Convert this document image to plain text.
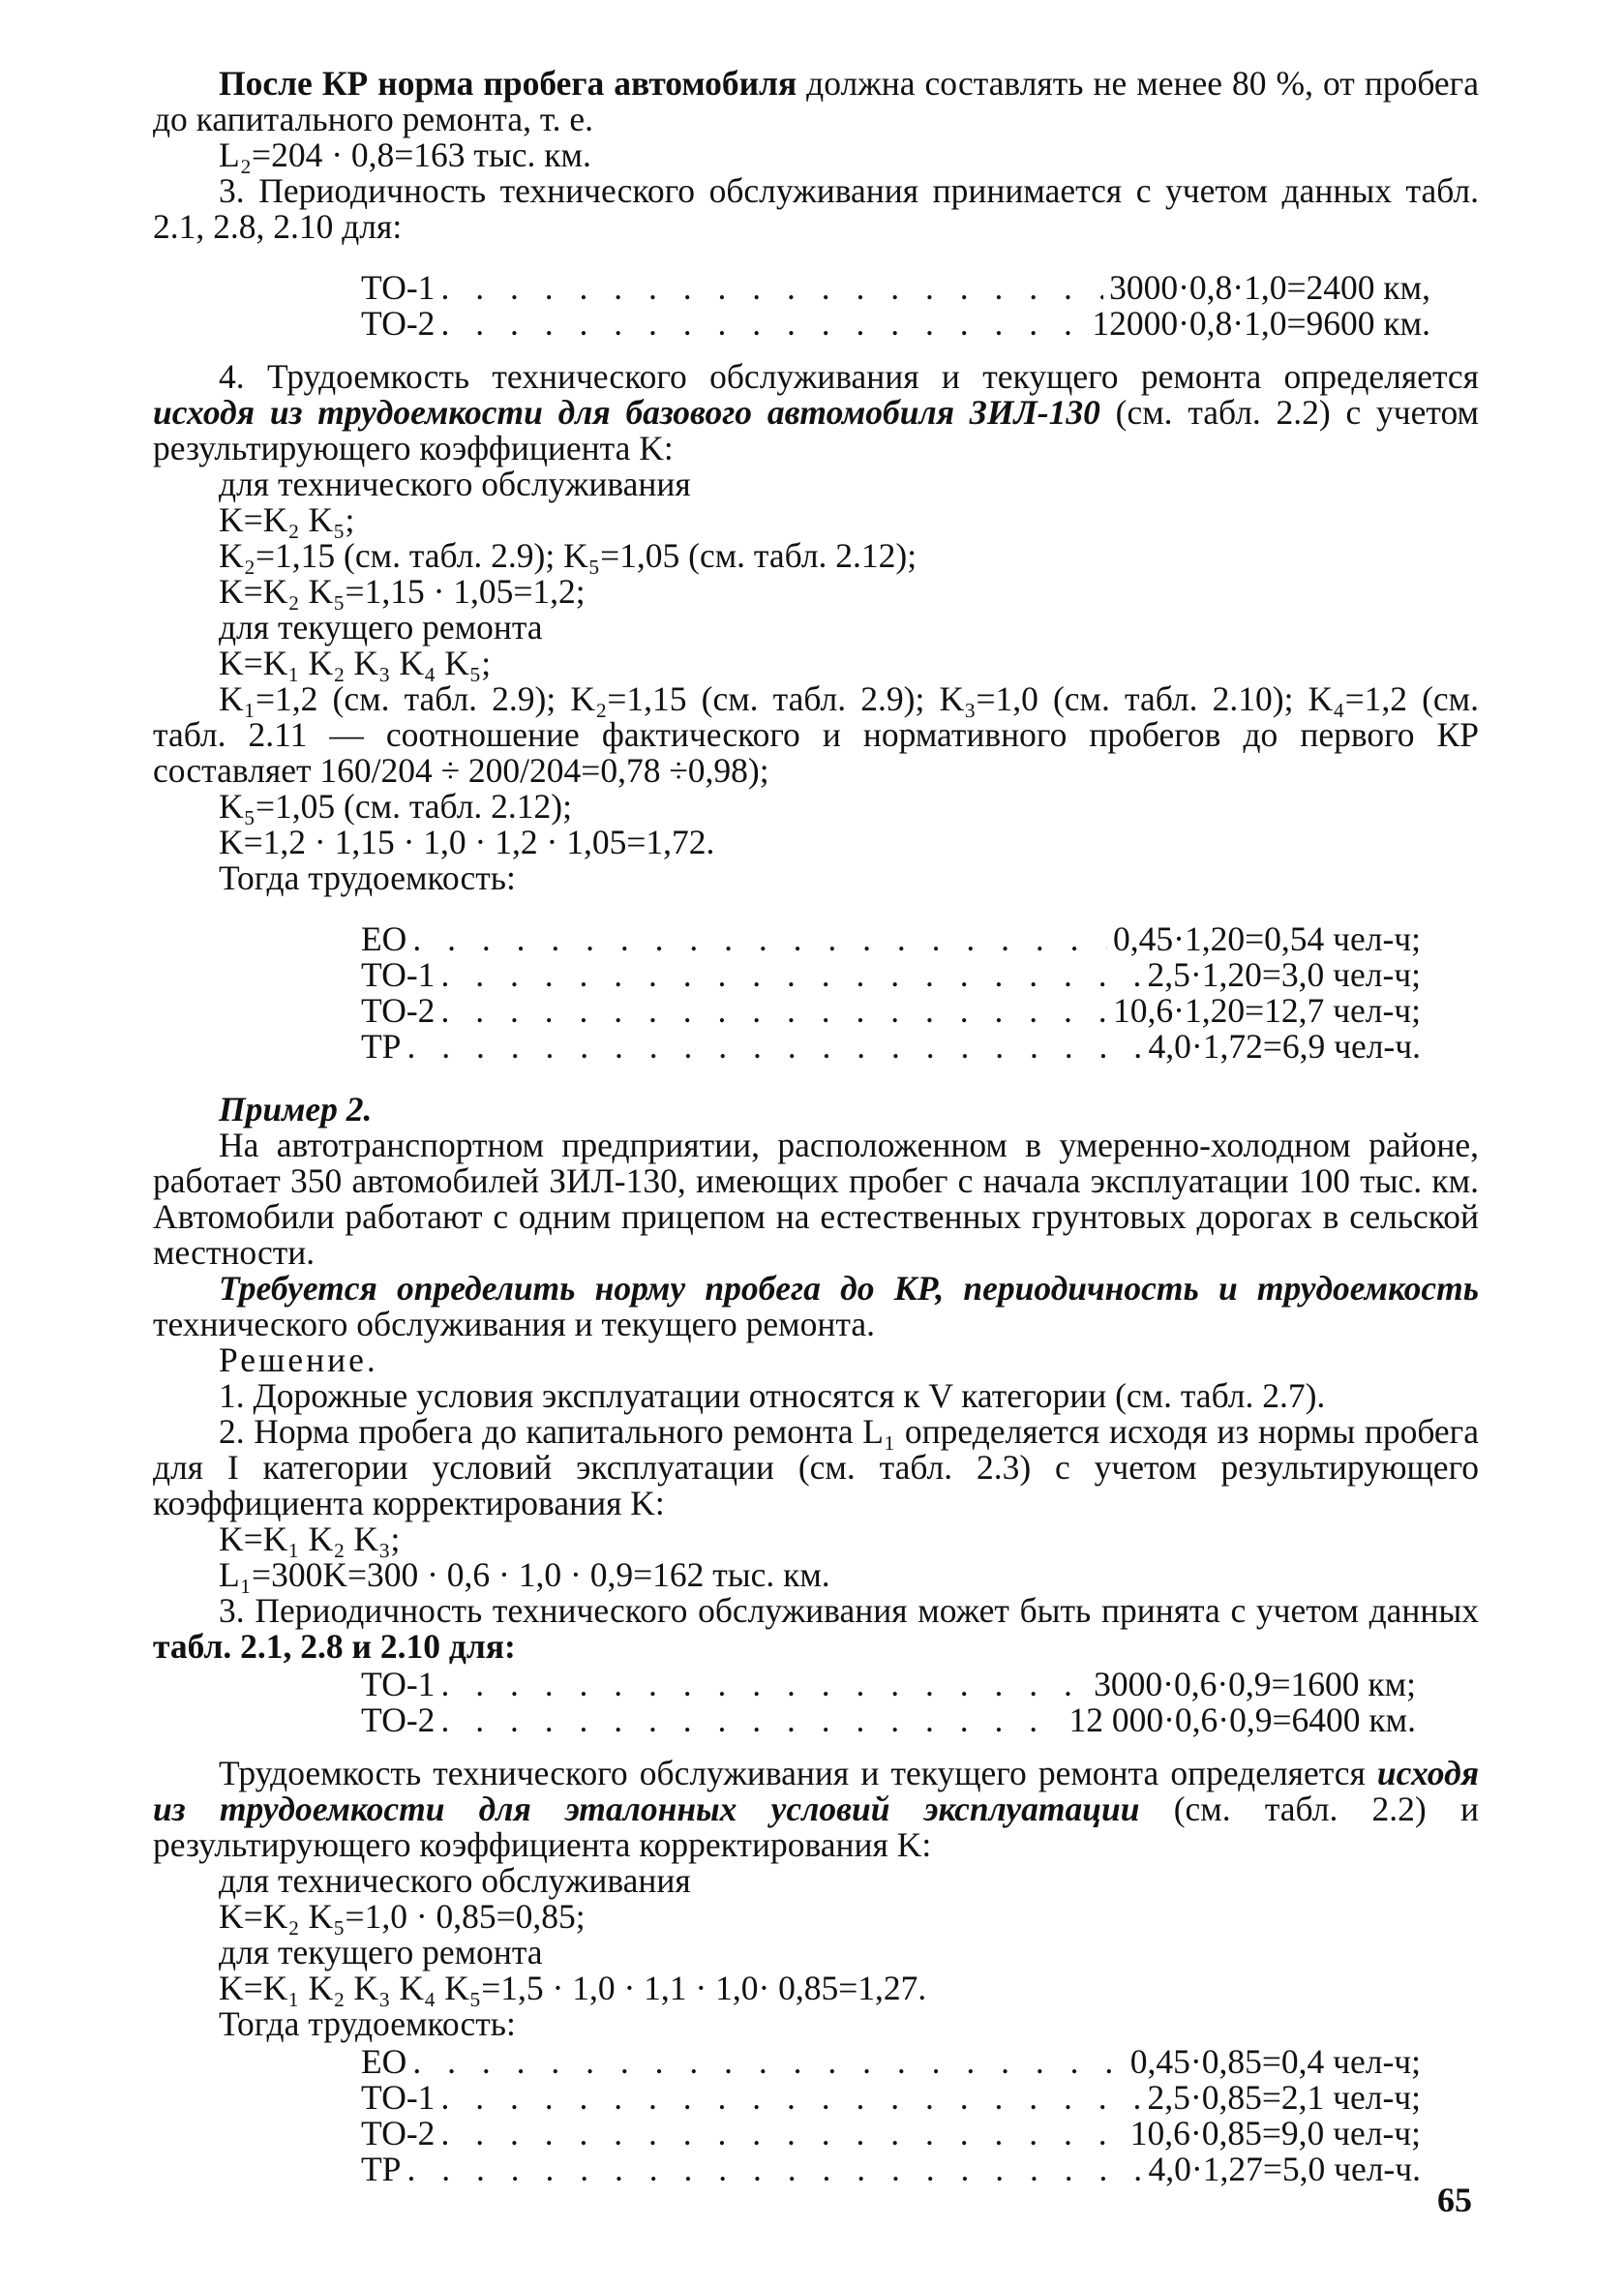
После КР норма пробега автомобиля должна составлять не менее 80 %, от пробега до капитального ремонта, т. е.

L₂=204 · 0,8=163 тыс. км.

3. Периодичность технического обслуживания принимается с учетом данных табл. 2.1, 2.8, 2.10 для:

ТО-1 . . .	3000·0,8·1,0=2400 км,
ТО-2 . . .	12000·0,8·1,0=9600 км.

4. Трудоемкость технического обслуживания и текущего ремонта определяется исходя из трудоемкости для базового автомобиля ЗИЛ-130 (см. табл. 2.2) с учетом результирующего коэффициента K:

для технического обслуживания

K=K₂ K₅;

K₂=1,15 (см. табл. 2.9); K₅=1,05 (см. табл. 2.12);

K=K₂ K₅=1,15 · 1,05=1,2;

для текущего ремонта

K=K₁ K₂ K₃ K₄ K₅;

K₁=1,2 (см. табл. 2.9); K₂=1,15 (см. табл. 2.9); K₃=1,0 (см. табл. 2.10); K₄=1,2 (см. табл. 2.11 — соотношение фактического и нормативного пробегов до первого КР составляет 160/204 ÷ 200/204=0,78 ÷0,98);

K₅=1,05 (см. табл. 2.12);

K=1,2 · 1,15 · 1,0 · 1,2 · 1,05=1,72.

Тогда трудоемкость:

ЕО . . .	0,45·1,20=0,54 чел-ч;
ТО-1 . . .	2,5·1,20=3,0 чел-ч;
ТО-2 . . .	10,6·1,20=12,7 чел-ч;
ТР . . .	4,0·1,72=6,9 чел-ч.

Пример 2.

На автотранспортном предприятии, расположенном в умеренно-холодном районе, работает 350 автомобилей ЗИЛ-130, имеющих пробег с начала эксплуатации 100 тыс. км. Автомобили работают с одним прицепом на естественных грунтовых дорогах в сельской местности.

Требуется определить норму пробега до КР, периодичность и трудоемкость технического обслуживания и текущего ремонта.

Решение.

1. Дорожные условия эксплуатации относятся к V категории (см. табл. 2.7).

2. Норма пробега до капитального ремонта L₁ определяется исходя из нормы пробега для I категории условий эксплуатации (см. табл. 2.3) с учетом результирующего коэффициента корректирования K:

K=K₁ K₂ K₃;

L₁=300K=300 · 0,6 · 1,0 · 0,9=162 тыс. км.

3. Периодичность технического обслуживания может быть принята с учетом данных табл. 2.1, 2.8 и 2.10 для:

ТО-1 . . .	3000·0,6·0,9=1600 км;
ТО-2 . . .	12 000·0,6·0,9=6400 км.

Трудоемкость технического обслуживания и текущего ремонта определяется исходя из трудоемкости для эталонных условий эксплуатации (см. табл. 2.2) и результирующего коэффициента корректирования K:

для технического обслуживания

K=K₂ K₅=1,0 · 0,85=0,85;

для текущего ремонта

K=K₁ K₂ K₃ K₄ K₅=1,5 · 1,0 · 1,1 · 1,0· 0,85=1,27.

Тогда трудоемкость:

ЕО . . .	0,45·0,85=0,4 чел-ч;
ТО-1 . . .	2,5·0,85=2,1 чел-ч;
ТО-2 . . .	10,6·0,85=9,0 чел-ч;
ТР . . .	4,0·1,27=5,0 чел-ч.
65
